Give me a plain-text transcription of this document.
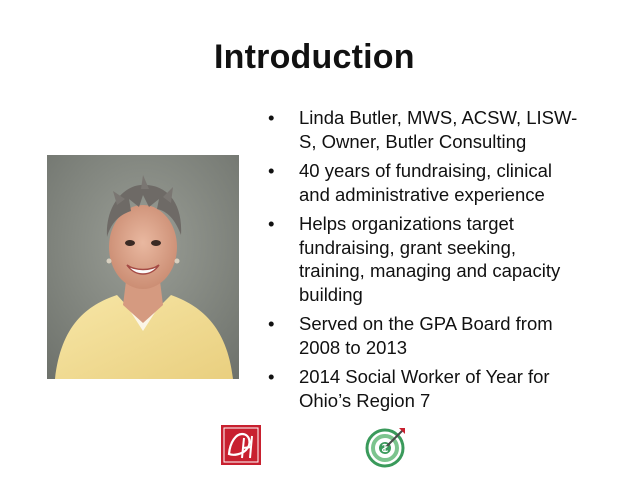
Introduction
•	Linda Butler, MWS, ACSW, LISW-S, Owner, Butler Consulting
•	40 years of fundraising, clinical and administrative experience
•	Helps organizations target fundraising, grant seeking, training, managing and capacity building
•	Served on the GPA Board from 2008 to 2013
•	2014 Social Worker of Year for Ohio’s Region 7
